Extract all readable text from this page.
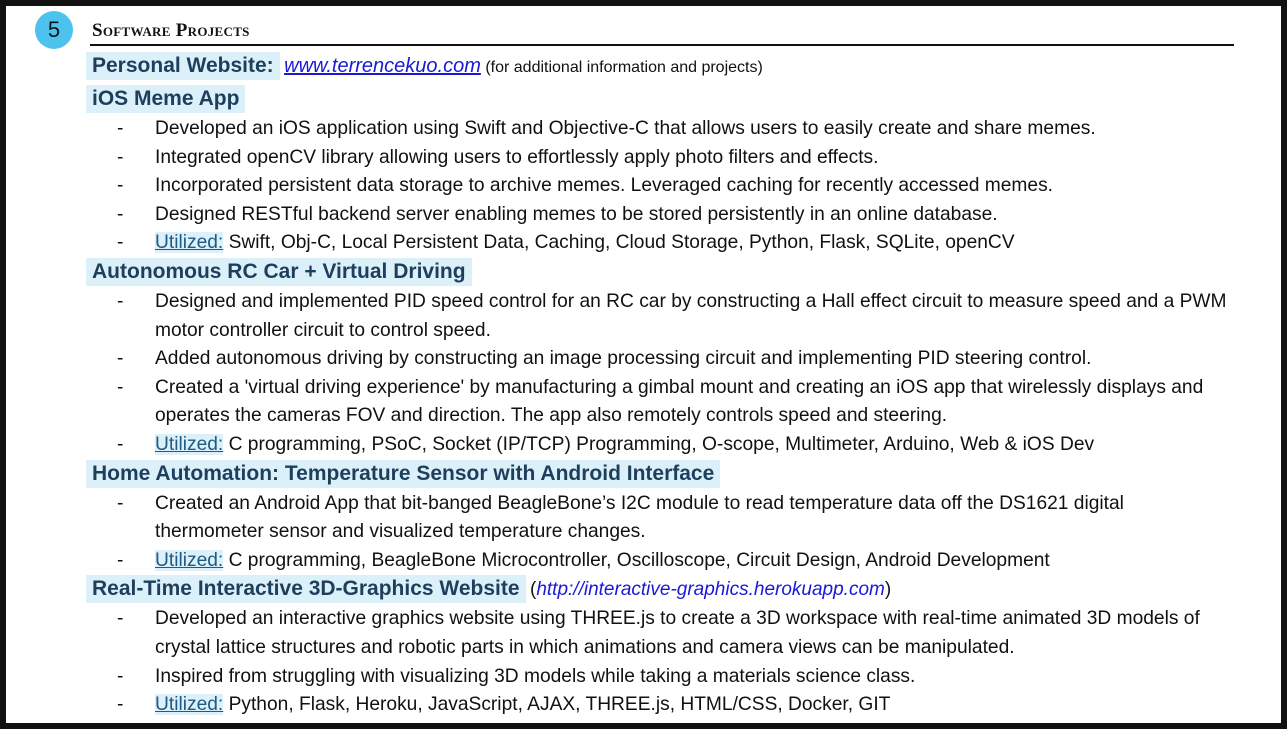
5	Software Projects
Personal Website: www.terrencekuo.com (for additional information and projects)
iOS Meme App
- Developed an iOS application using Swift and Objective-C that allows users to easily create and share memes.
- Integrated openCV library allowing users to effortlessly apply photo filters and effects.
- Incorporated persistent data storage to archive memes. Leveraged caching for recently accessed memes.
- Designed RESTful backend server enabling memes to be stored persistently in an online database.
- Utilized: Swift, Obj-C, Local Persistent Data, Caching, Cloud Storage, Python, Flask, SQLite, openCV
Autonomous RC Car + Virtual Driving
- Designed and implemented PID speed control for an RC car by constructing a Hall effect circuit to measure speed and a PWM motor controller circuit to control speed.
- Added autonomous driving by constructing an image processing circuit and implementing PID steering control.
- Created a 'virtual driving experience' by manufacturing a gimbal mount and creating an iOS app that wirelessly displays and operates the cameras FOV and direction. The app also remotely controls speed and steering.
- Utilized: C programming, PSoC, Socket (IP/TCP) Programming, O-scope, Multimeter, Arduino, Web & iOS Dev
Home Automation: Temperature Sensor with Android Interface
- Created an Android App that bit-banged BeagleBone’s I2C module to read temperature data off the DS1621 digital thermometer sensor and visualized temperature changes.
- Utilized: C programming, BeagleBone Microcontroller, Oscilloscope, Circuit Design, Android Development
Real-Time Interactive 3D-Graphics Website (http://interactive-graphics.herokuapp.com)
- Developed an interactive graphics website using THREE.js to create a 3D workspace with real-time animated 3D models of crystal lattice structures and robotic parts in which animations and camera views can be manipulated.
- Inspired from struggling with visualizing 3D models while taking a materials science class.
- Utilized: Python, Flask, Heroku, JavaScript, AJAX, THREE.js, HTML/CSS, Docker, GIT
